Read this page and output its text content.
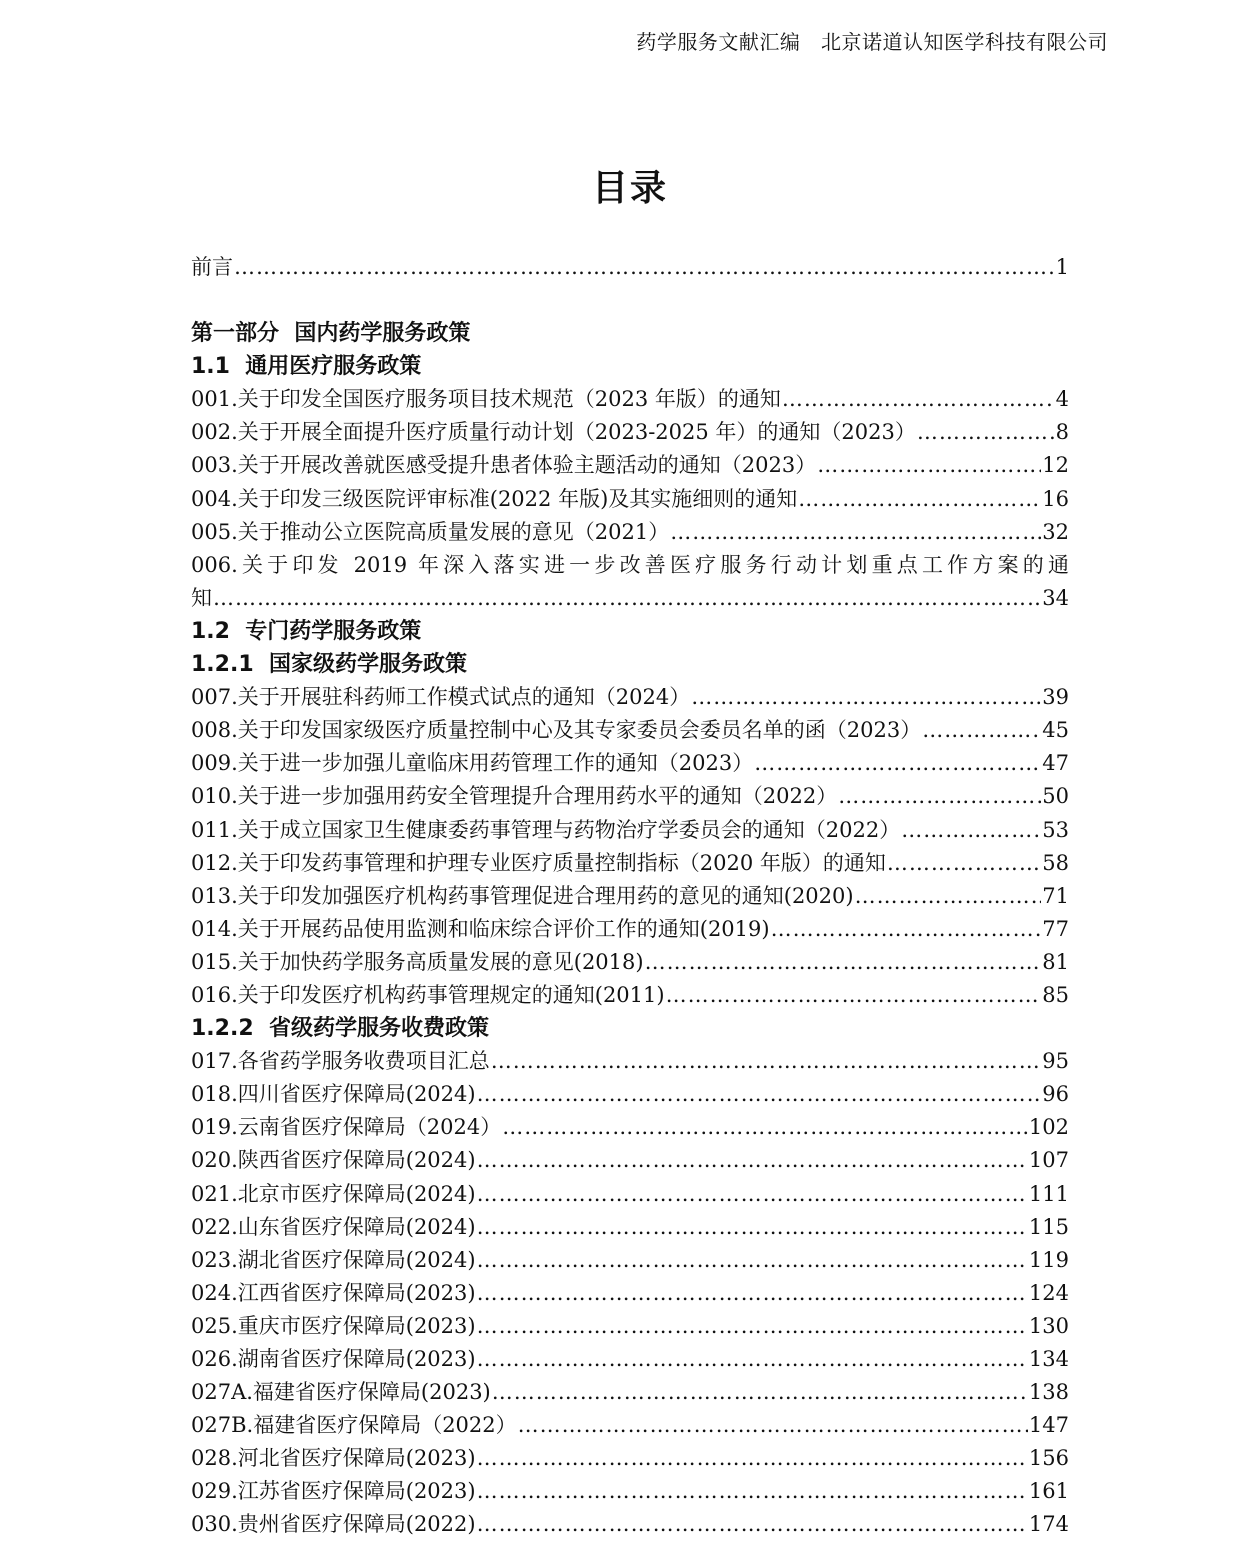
药学服务文献汇编   北京诺道认知医学科技有限公司
目录
前言 ………………………………………………………………………………………………………………………………………………………………	1
第一部分  国内药学服务政策
1.1  通用医疗服务政策
001.关于印发全国医疗服务项目技术规范（2023 年版）的通知 ………………………………………………………………………………………………………………………………………………………………	4
002.关于开展全面提升医疗质量行动计划（2023-2025 年）的通知（2023） ………………………………………………………………………………………………………………………………………………………………	8
003.关于开展改善就医感受提升患者体验主题活动的通知（2023） ………………………………………………………………………………………………………………………………………………………………	12
004.关于印发三级医院评审标准(2022 年版)及其实施细则的通知 ………………………………………………………………………………………………………………………………………………………………	16
005.关于推动公立医院高质量发展的意见（2021） ………………………………………………………………………………………………………………………………………………………………	32
006.关于印发 2019 年深入落实进一步改善医疗服务行动计划重点工作方案的通
知 ………………………………………………………………………………………………………………………………………………………………	34
1.2  专门药学服务政策
1.2.1  国家级药学服务政策
007.关于开展驻科药师工作模式试点的通知（2024） ………………………………………………………………………………………………………………………………………………………………	39
008.关于印发国家级医疗质量控制中心及其专家委员会委员名单的函（2023） ………………………………………………………………………………………………………………………………………………………………	45
009.关于进一步加强儿童临床用药管理工作的通知（2023） ………………………………………………………………………………………………………………………………………………………………	47
010.关于进一步加强用药安全管理提升合理用药水平的通知（2022） ………………………………………………………………………………………………………………………………………………………………	50
011.关于成立国家卫生健康委药事管理与药物治疗学委员会的通知（2022） ………………………………………………………………………………………………………………………………………………………………	53
012.关于印发药事管理和护理专业医疗质量控制指标（2020 年版）的通知 ………………………………………………………………………………………………………………………………………………………………	58
013.关于印发加强医疗机构药事管理促进合理用药的意见的通知(2020) ………………………………………………………………………………………………………………………………………………………………	71
014.关于开展药品使用监测和临床综合评价工作的通知(2019) ………………………………………………………………………………………………………………………………………………………………	77
015.关于加快药学服务高质量发展的意见(2018) ………………………………………………………………………………………………………………………………………………………………	81
016.关于印发医疗机构药事管理规定的通知(2011) ………………………………………………………………………………………………………………………………………………………………	85
1.2.2  省级药学服务收费政策
017.各省药学服务收费项目汇总 ………………………………………………………………………………………………………………………………………………………………	95
018.四川省医疗保障局(2024) ………………………………………………………………………………………………………………………………………………………………	96
019.云南省医疗保障局（2024） ………………………………………………………………………………………………………………………………………………………………	102
020.陕西省医疗保障局(2024) ………………………………………………………………………………………………………………………………………………………………	107
021.北京市医疗保障局(2024) ………………………………………………………………………………………………………………………………………………………………	111
022.山东省医疗保障局(2024) ………………………………………………………………………………………………………………………………………………………………	115
023.湖北省医疗保障局(2024) ………………………………………………………………………………………………………………………………………………………………	119
024.江西省医疗保障局(2023) ………………………………………………………………………………………………………………………………………………………………	124
025.重庆市医疗保障局(2023) ………………………………………………………………………………………………………………………………………………………………	130
026.湖南省医疗保障局(2023) ………………………………………………………………………………………………………………………………………………………………	134
027A.福建省医疗保障局(2023) ………………………………………………………………………………………………………………………………………………………………	138
027B.福建省医疗保障局（2022） ………………………………………………………………………………………………………………………………………………………………	147
028.河北省医疗保障局(2023) ………………………………………………………………………………………………………………………………………………………………	156
029.江苏省医疗保障局(2023) ………………………………………………………………………………………………………………………………………………………………	161
030.贵州省医疗保障局(2022) ………………………………………………………………………………………………………………………………………………………………	174
